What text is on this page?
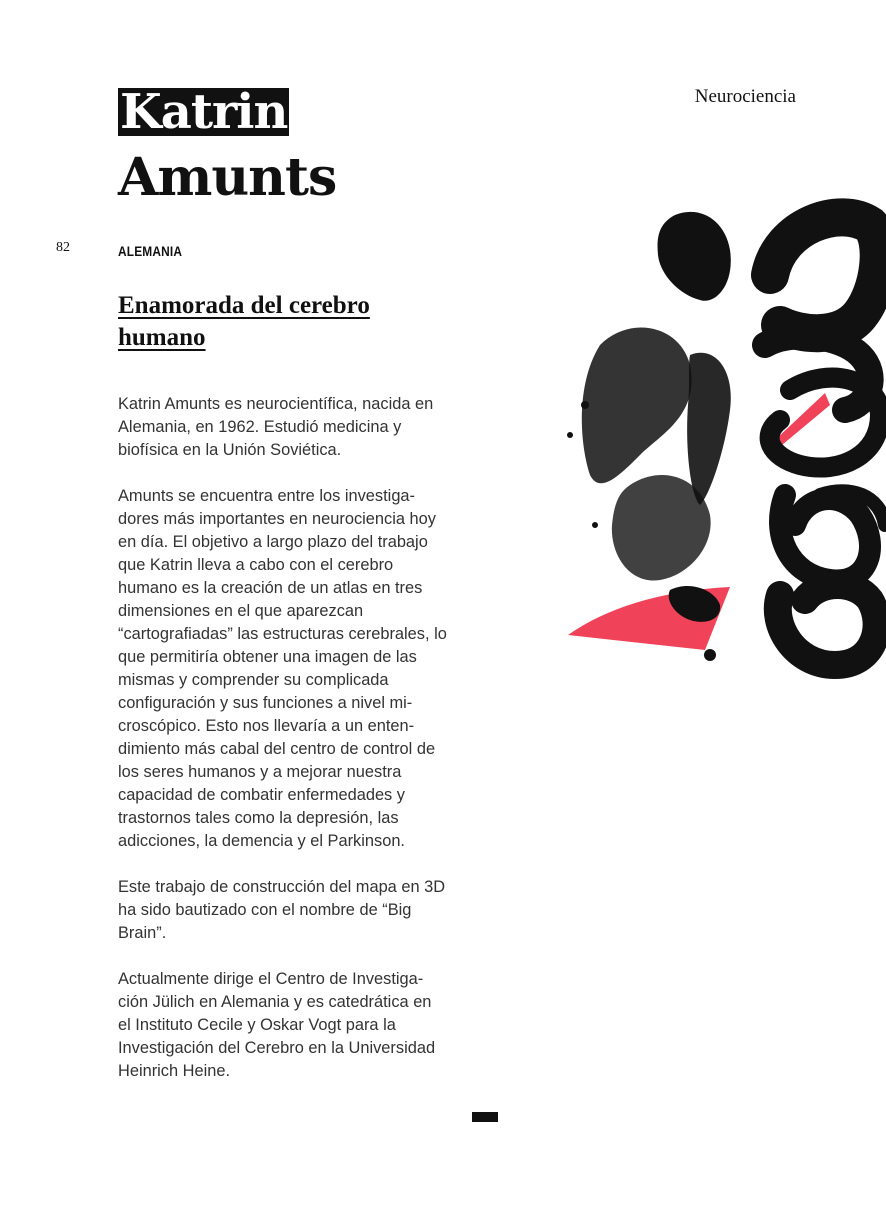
Neurociencia
Katrin
Amunts
82	ALEMANIA
Enamorada del cerebro humano

Katrin Amunts es neurocientífica, nacida en Alemania, en 1962. Estudió medicina y biofísica en la Unión Soviética.

Amunts se encuentra entre los investiga-dores más importantes en neurociencia hoy en día. El objetivo a largo plazo del trabajo que Katrin lleva a cabo con el cerebro humano es la creación de un atlas en tres dimensiones en el que aparezcan “cartografiadas” las estructuras cerebrales, lo que permitiría obtener una imagen de las mismas y comprender su complicada configuración y sus funciones a nivel mi-croscópico. Esto nos llevaría a un enten-dimiento más cabal del centro de control de los seres humanos y a mejorar nuestra capacidad de combatir enfermedades y trastornos tales como la depresión, las adicciones, la demencia y el Parkinson.

Este trabajo de construcción del mapa en 3D ha sido bautizado con el nombre de “Big Brain”.

Actualmente dirige el Centro de Investiga-ción Jülich en Alemania y es catedrática en el Instituto Cecile y Oskar Vogt para la Investigación del Cerebro en la Universidad Heinrich Heine.
